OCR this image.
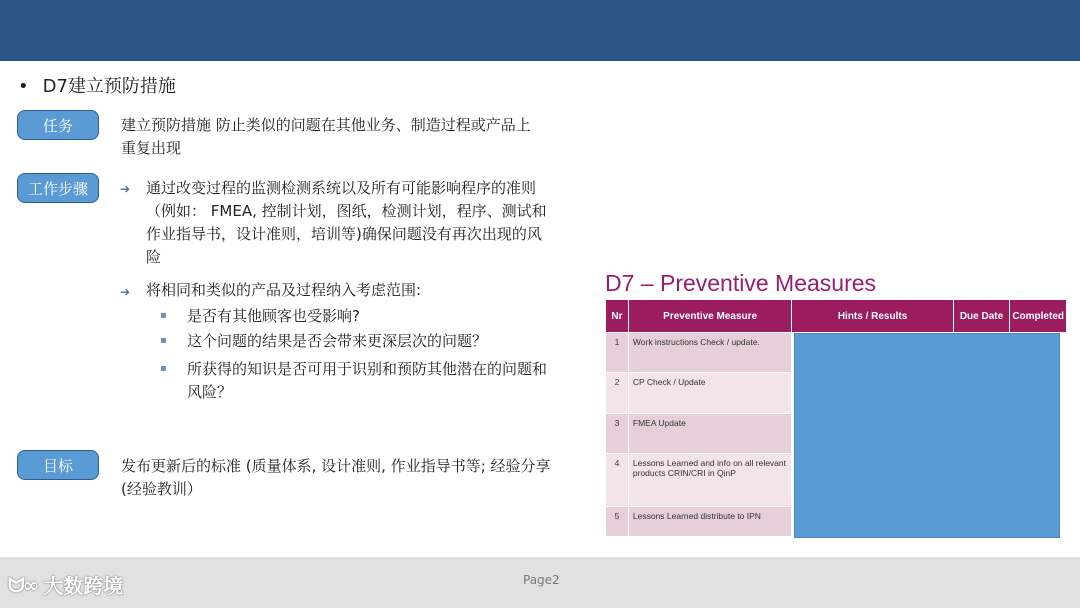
• D7建立预防措施
任务	建立预防措施 防止类似的问题在其他业务、制造过程或产品上
重复出现
工作步骤	➔ 通过改变过程的监测检测系统以及所有可能影响程序的准则
（例如： FMEA, 控制计划，图纸，检测计划，程序、测试和
作业指导书，设计准则，培训等)确保问题没有再次出现的风
险
➔ 将相同和类似的产品及过程纳入考虑范围:
▪ 是否有其他顾客也受影响?
▪ 这个问题的结果是否会带来更深层次的问题？
▪ 所获得的知识是否可用于识别和预防其他潜在的问题和
风险？
目标	发布更新后的标准 (质量体系, 设计准则, 作业指导书等; 经验分享
(经验教训）
D7 – Preventive Measures
Nr	Preventive Measure	Hints / Results	Due Date	Completed
1	Work instructions Check / update.			
2	CP Check / Update			
3	FMEA Update			
4	Lessons Learned and info on all relevant products CRIN/CRI in QinP			
5	Lessons Learned distribute to IPN			
Page2
ᗢ∞ 大数跨境
